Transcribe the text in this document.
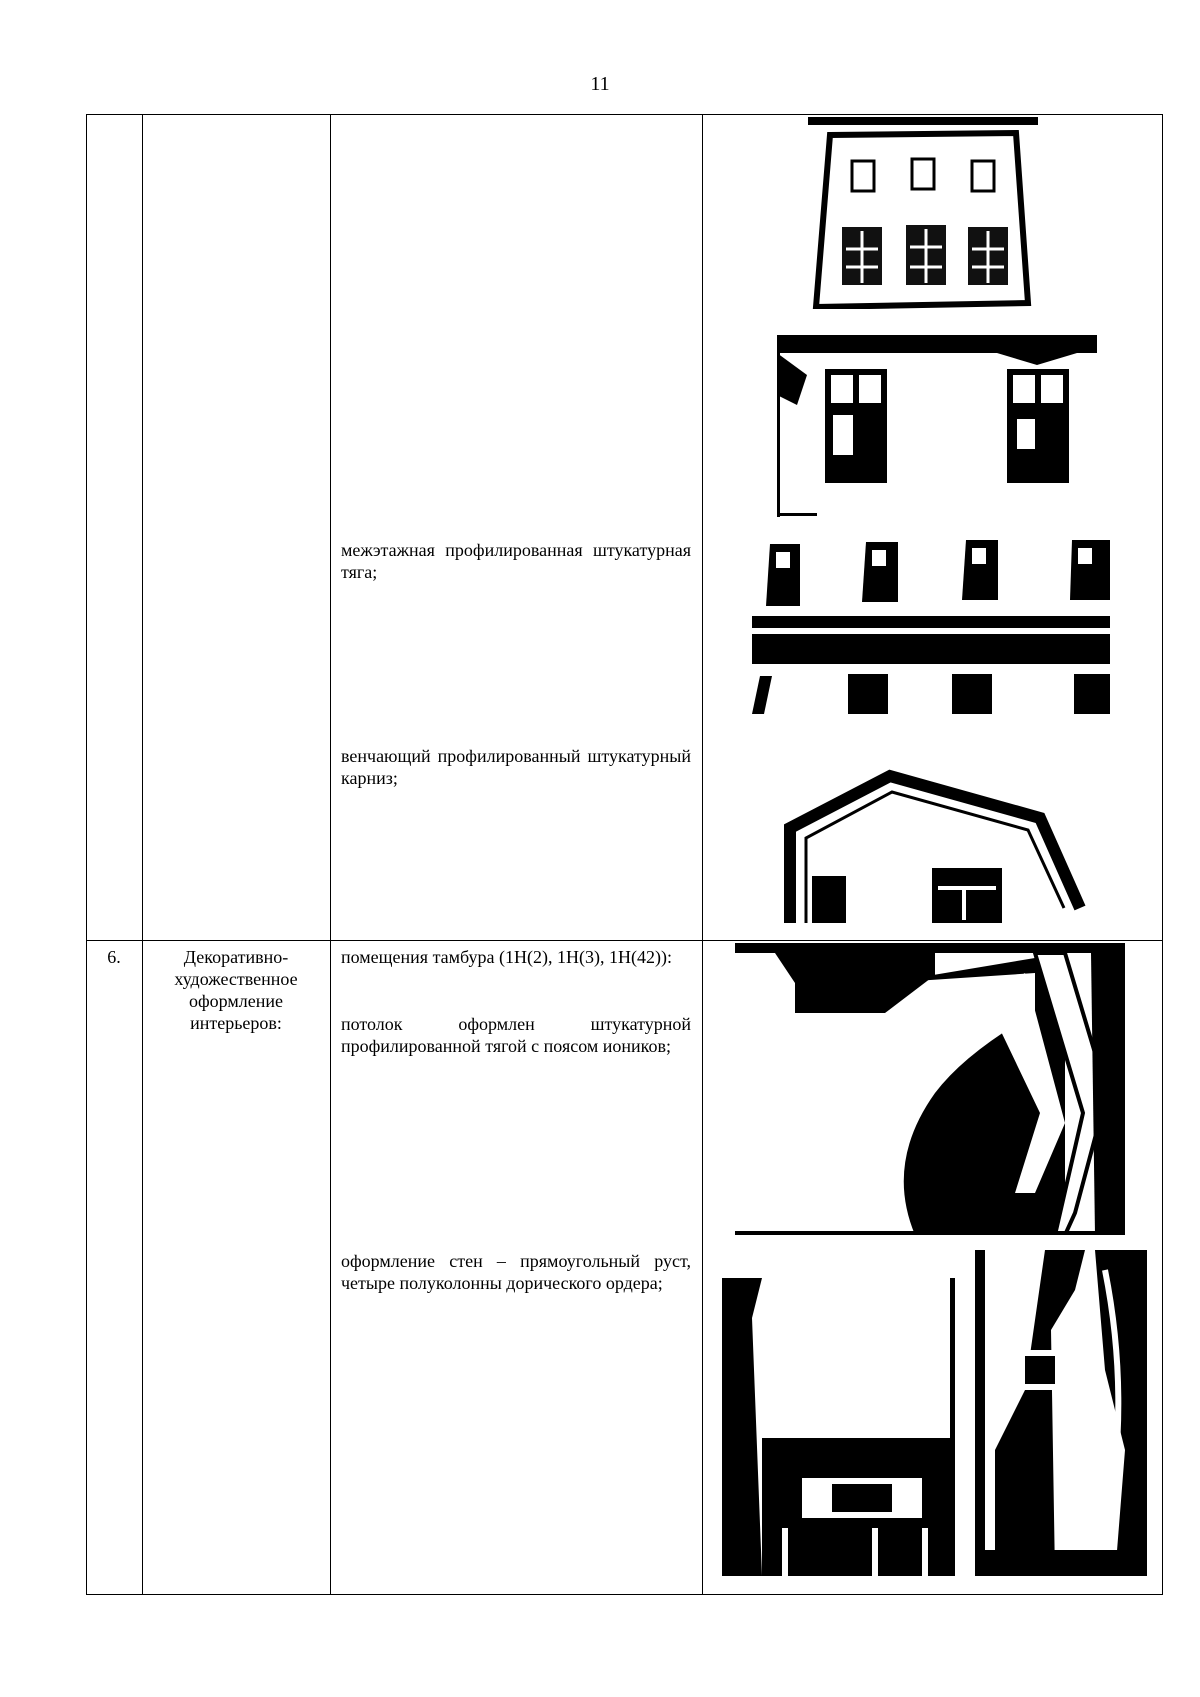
11
межэтажная профилированная штукатурная тяга;
венчающий профилированный штукатурный карниз;
6.	Декоративно-художественное оформление интерьеров:
помещения тамбура (1Н(2), 1Н(3), 1Н(42)):
потолок оформлен штукатурной профилированной тягой с поясом иоников;
оформление стен – прямоугольный руст, четыре полуколонны дорического ордера;
